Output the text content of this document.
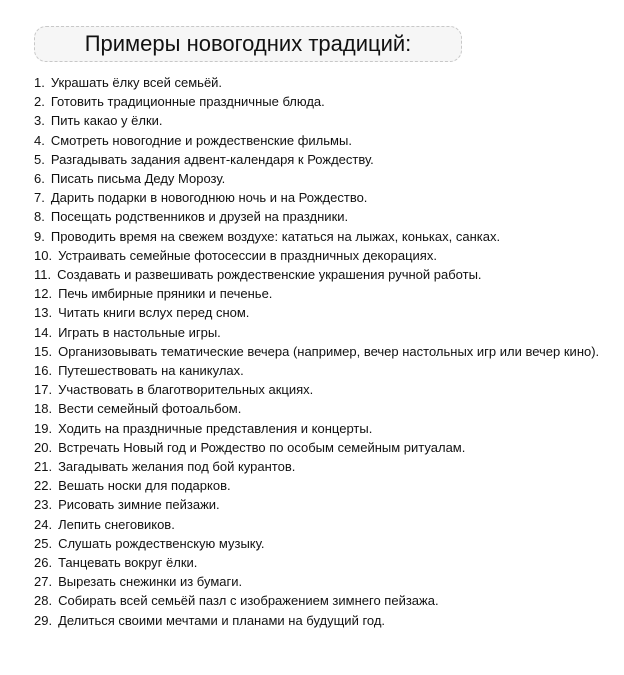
Примеры новогодних традиций:
1. Украшать ёлку всей семьёй.
2. Готовить традиционные праздничные блюда.
3. Пить какао у ёлки.
4. Смотреть новогодние и рождественские фильмы.
5. Разгадывать задания адвент-календаря к Рождеству.
6. Писать письма Деду Морозу.
7. Дарить подарки в новогоднюю ночь и на Рождество.
8. Посещать родственников и друзей на праздники.
9. Проводить время на свежем воздухе: кататься на лыжах, коньках, санках.
10. Устраивать семейные фотосессии в праздничных декорациях.
11. Создавать и развешивать рождественские украшения ручной работы.
12. Печь имбирные пряники и печенье.
13. Читать книги вслух перед сном.
14. Играть в настольные игры.
15. Организовывать тематические вечера (например, вечер настольных игр или вечер кино).
16. Путешествовать на каникулах.
17. Участвовать в благотворительных акциях.
18. Вести семейный фотоальбом.
19. Ходить на праздничные представления и концерты.
20. Встречать Новый год и Рождество по особым семейным ритуалам.
21. Загадывать желания под бой курантов.
22. Вешать носки для подарков.
23. Рисовать зимние пейзажи.
24. Лепить снеговиков.
25. Слушать рождественскую музыку.
26. Танцевать вокруг ёлки.
27. Вырезать снежинки из бумаги.
28. Собирать всей семьёй пазл с изображением зимнего пейзажа.
29. Делиться своими мечтами и планами на будущий год.
